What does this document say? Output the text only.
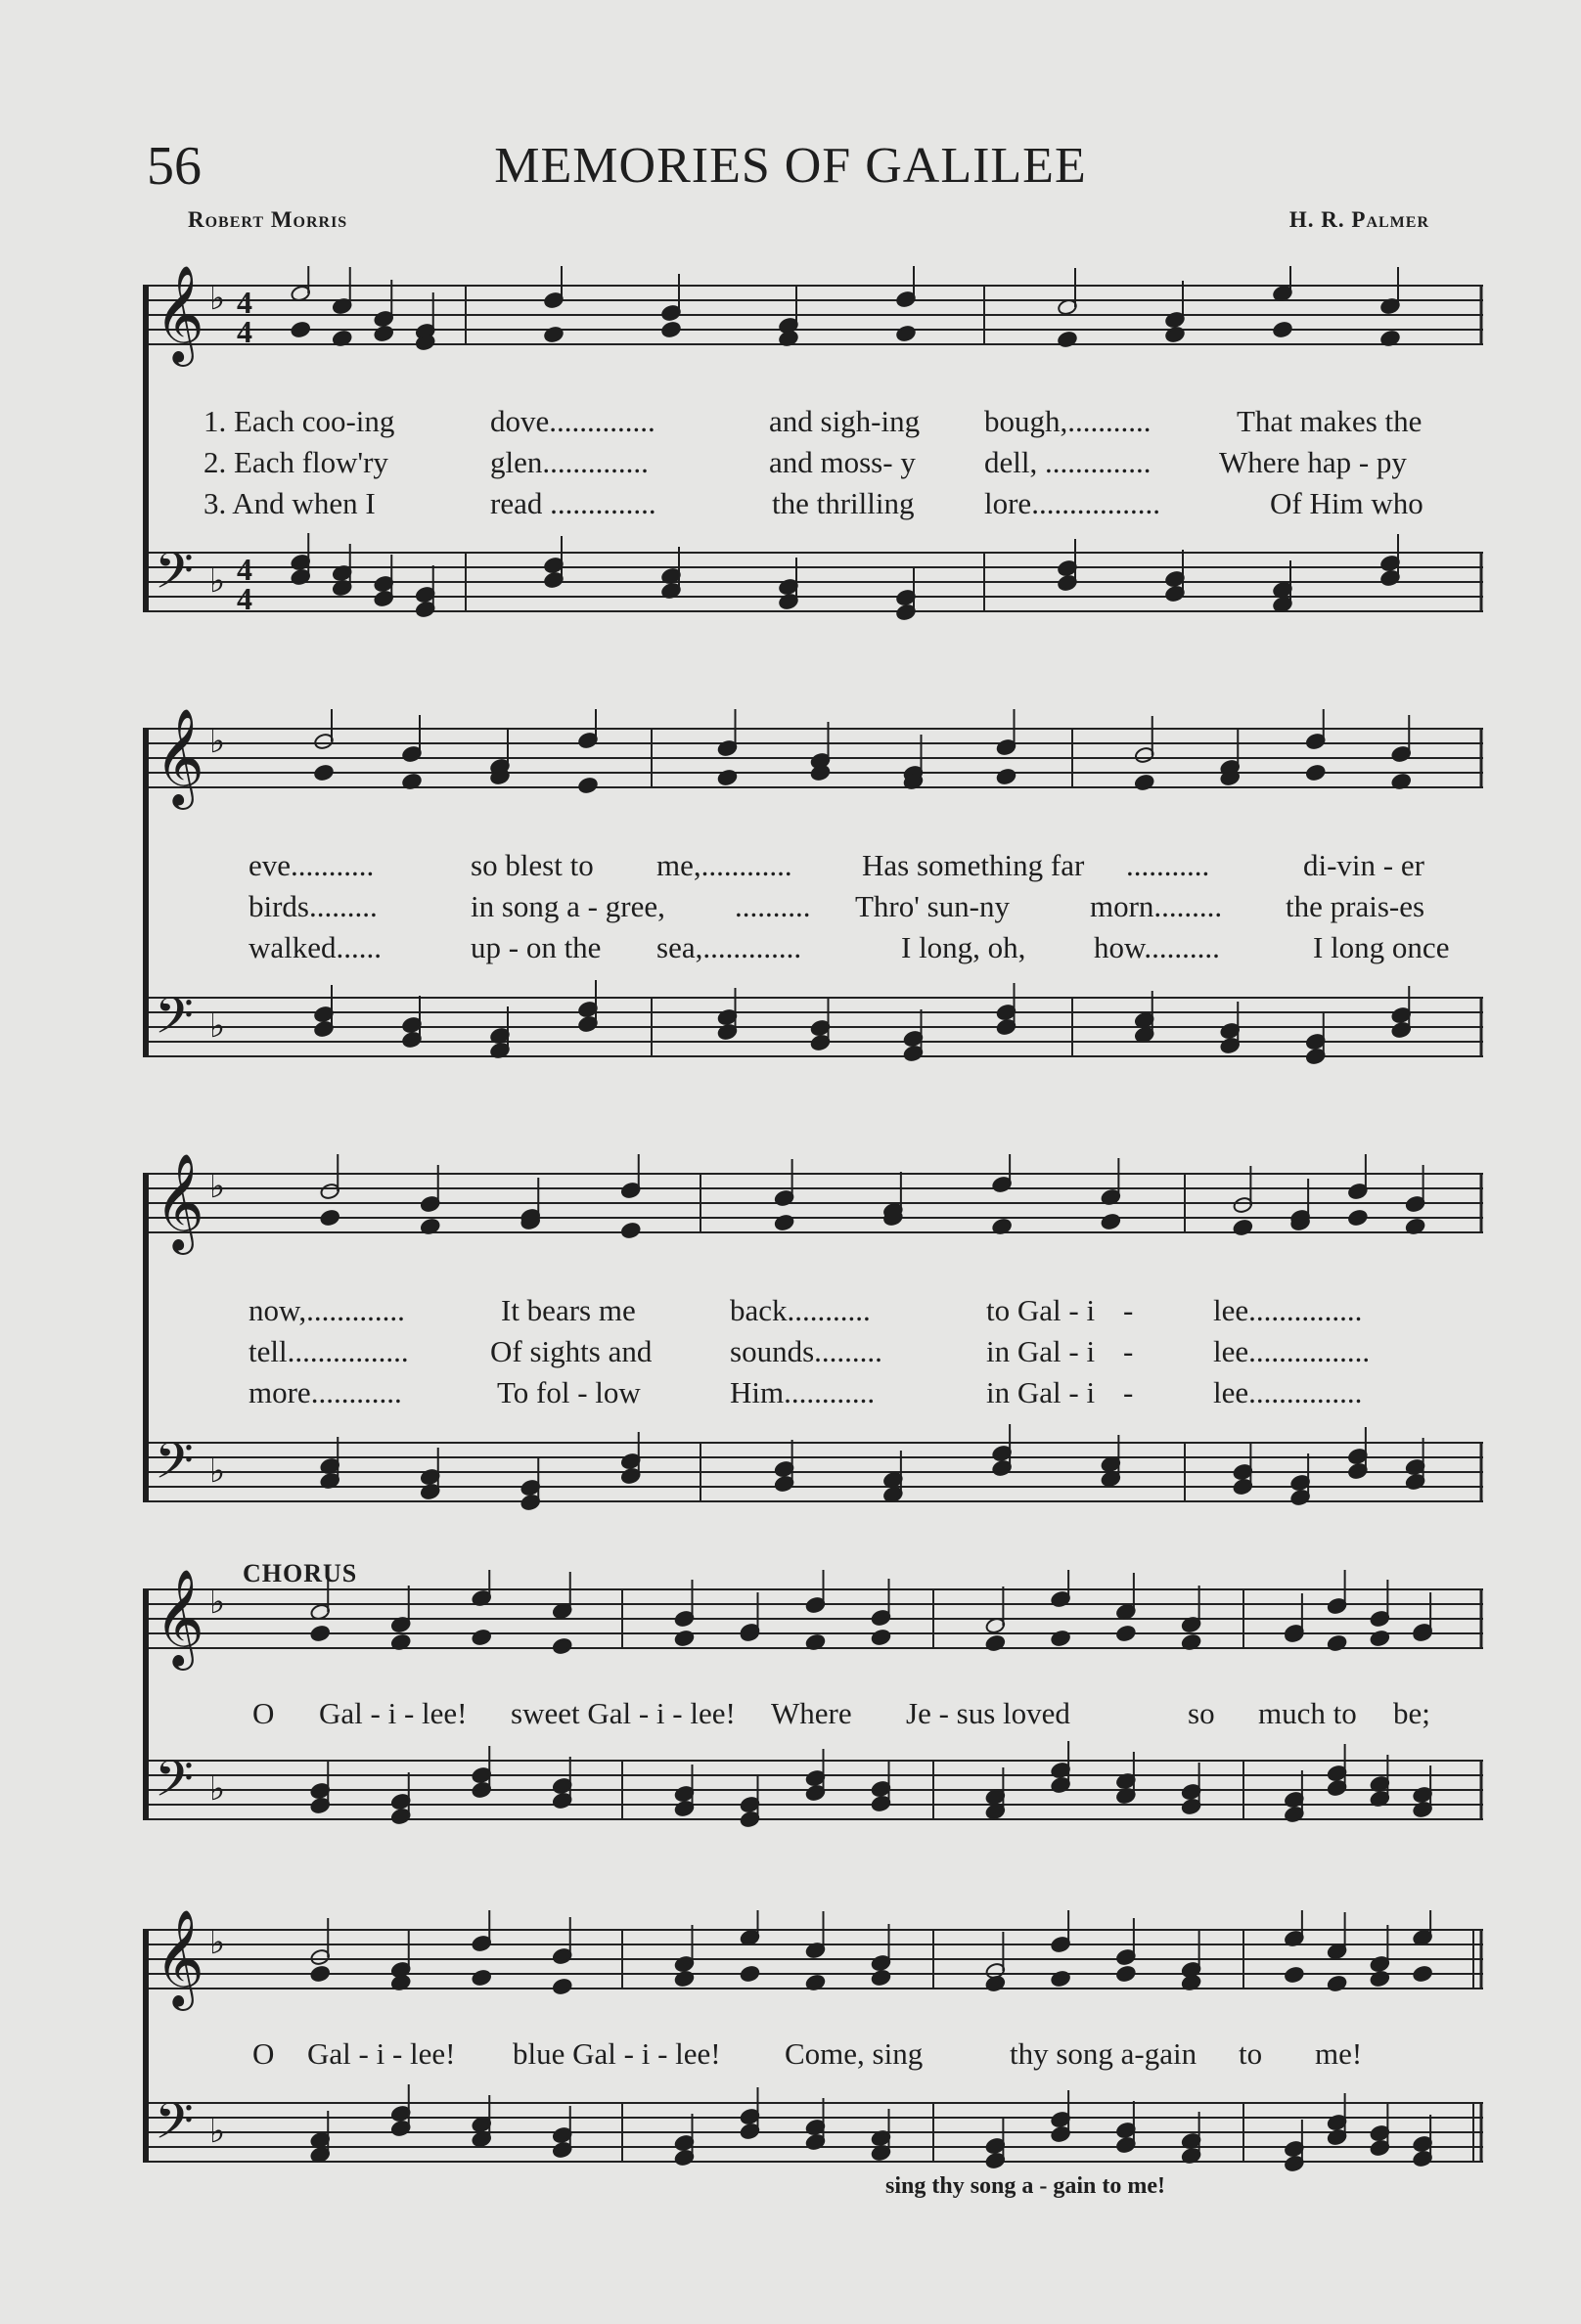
56	MEMORIES OF GALILEE
Robert Morris	H. R. Palmer
𝄞
𝄢
♭
♭
4
4
4
4
𝄞
𝄢
♭
♭
𝄞
𝄢
♭
♭
𝄞
𝄢
♭
♭
𝄞
𝄢
♭
♭
1. Each coo-ing	dove..............	and sigh-ing bough,...........	That makes the
2. Each flow'ry	glen..............	and moss- y dell, .............. Where hap - py
3. And when I	read ..............	the thrilling lore.................	Of Him who
eve...........	so blest to me,............ Has something far ...........	di-vin - er
birds.........	in song a - gree, .......... Thro' sun-ny	morn......... the prais-es
walked......	up - on the sea,.............	I long, oh, how..........	I long once
now,.............	It bears me	back...........	to Gal - i -	lee...............
tell................	Of sights and	sounds.........	in Gal - i -	lee................
more............	To fol - low	Him............	in Gal - i -	lee...............
CHORUS
O Gal - i - lee! sweet Gal - i - lee! Where Je - sus loved	so much to be;
O Gal - i - lee! blue Gal - i - lee! Come, sing	thy song a-gain to me!
sing thy song a - gain to me!
